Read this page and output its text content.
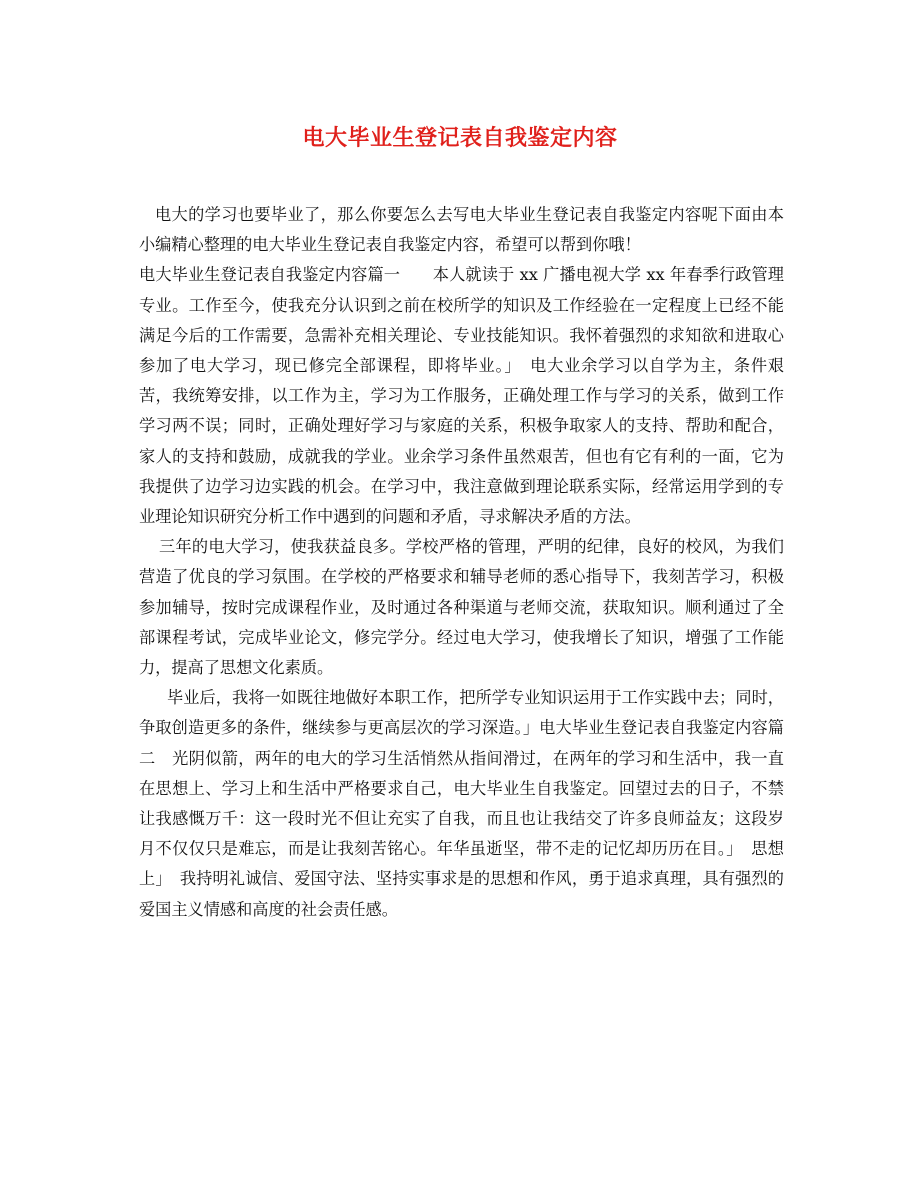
电大毕业生登记表自我鉴定内容

电大的学习也要毕业了，那么你要怎么去写电大毕业生登记表自我鉴定内容呢下面由本小编精心整理的电大毕业生登记表自我鉴定内容，希望可以帮到你哦！

电大毕业生登记表自我鉴定内容篇一　　本人就读于 xx 广播电视大学 xx 年春季行政管理专业。工作至今，使我充分认识到之前在校所学的知识及工作经验在一定程度上已经不能满足今后的工作需要，急需补充相关理论、专业技能知识。我怀着强烈的求知欲和进取心参加了电大学习，现已修完全部课程，即将毕业。」　电大业余学习以自学为主，条件艰苦，我统筹安排，以工作为主，学习为工作服务，正确处理工作与学习的关系，做到工作学习两不误；同时，正确处理好学习与家庭的关系，积极争取家人的支持、帮助和配合，家人的支持和鼓励，成就我的学业。业余学习条件虽然艰苦，但也有它有利的一面，它为我提供了边学习边实践的机会。在学习中，我注意做到理论联系实际，经常运用学到的专业理论知识研究分析工作中遇到的问题和矛盾，寻求解决矛盾的方法。

三年的电大学习，使我获益良多。学校严格的管理，严明的纪律，良好的校风，为我们营造了优良的学习氛围。在学校的严格要求和辅导老师的悉心指导下，我刻苦学习，积极参加辅导，按时完成课程作业，及时通过各种渠道与老师交流，获取知识。顺利通过了全部课程考试，完成毕业论文，修完学分。经过电大学习，使我增长了知识，增强了工作能力，提高了思想文化素质。

毕业后，我将一如既往地做好本职工作，把所学专业知识运用于工作实践中去；同时，争取创造更多的条件，继续参与更高层次的学习深造。」电大毕业生登记表自我鉴定内容篇二　光阴似箭，两年的电大的学习生活悄然从指间滑过，在两年的学习和生活中，我一直在思想上、学习上和生活中严格要求自己，电大毕业生自我鉴定。回望过去的日子，不禁让我感慨万千：这一段时光不但让充实了自我，而且也让我结交了许多良师益友；这段岁月不仅仅只是难忘，而是让我刻苦铭心。年华虽逝坚，带不走的记忆却历历在目。」　思想上」　我持明礼诚信、爱国守法、坚持实事求是的思想和作风，勇于追求真理，具有强烈的爱国主义情感和高度的社会责任感。
